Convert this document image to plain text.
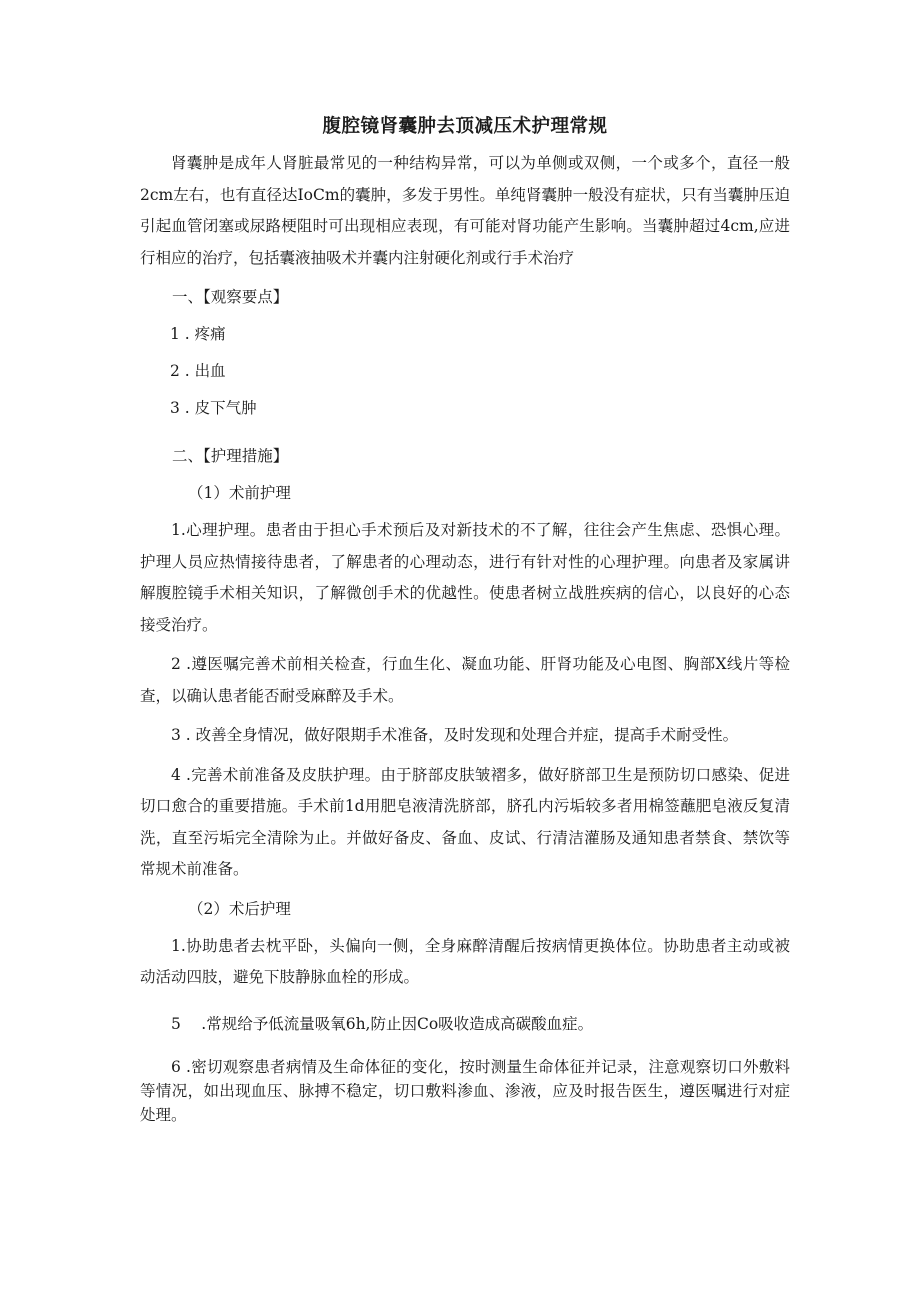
腹腔镜肾囊肿去顶减压术护理常规

肾囊肿是成年人肾脏最常见的一种结构异常，可以为单侧或双侧，一个或多个，直径一般2cm左右，也有直径达IoCm的囊肿，多发于男性。单纯肾囊肿一般没有症状，只有当囊肿压迫引起血管闭塞或尿路梗阻时可出现相应表现，有可能对肾功能产生影响。当囊肿超过4cm,应进行相应的治疗，包括囊液抽吸术并囊内注射硬化剂或行手术治疗

一、【观察要点】

1 . 疼痛

2 . 出血

3 . 皮下气肿

二、【护理措施】

（1）术前护理

1.心理护理。患者由于担心手术预后及对新技术的不了解，往往会产生焦虑、恐惧心理。护理人员应热情接待患者，了解患者的心理动态，进行有针对性的心理护理。向患者及家属讲解腹腔镜手术相关知识，了解微创手术的优越性。使患者树立战胜疾病的信心，以良好的心态接受治疗。

2 .遵医嘱完善术前相关检查，行血生化、凝血功能、肝肾功能及心电图、胸部X线片等检查，以确认患者能否耐受麻醉及手术。

3 . 改善全身情况，做好限期手术准备，及时发现和处理合并症，提高手术耐受性。

4 .完善术前准备及皮肤护理。由于脐部皮肤皱褶多，做好脐部卫生是预防切口感染、促进切口愈合的重要措施。手术前1d用肥皂液清洗脐部，脐孔内污垢较多者用棉签蘸肥皂液反复清洗，直至污垢完全清除为止。并做好备皮、备血、皮试、行清洁灌肠及通知患者禁食、禁饮等常规术前准备。

（2）术后护理

1.协助患者去枕平卧，头偏向一侧，全身麻醉清醒后按病情更换体位。协助患者主动或被动活动四肢，避免下肢静脉血栓的形成。

5　 .常规给予低流量吸氧6h,防止因Co吸收造成高碳酸血症。

6 .密切观察患者病情及生命体征的变化，按时测量生命体征并记录，注意观察切口外敷料等情况，如出现血压、脉搏不稳定，切口敷料渗血、渗液，应及时报告医生，遵医嘱进行对症处理。
